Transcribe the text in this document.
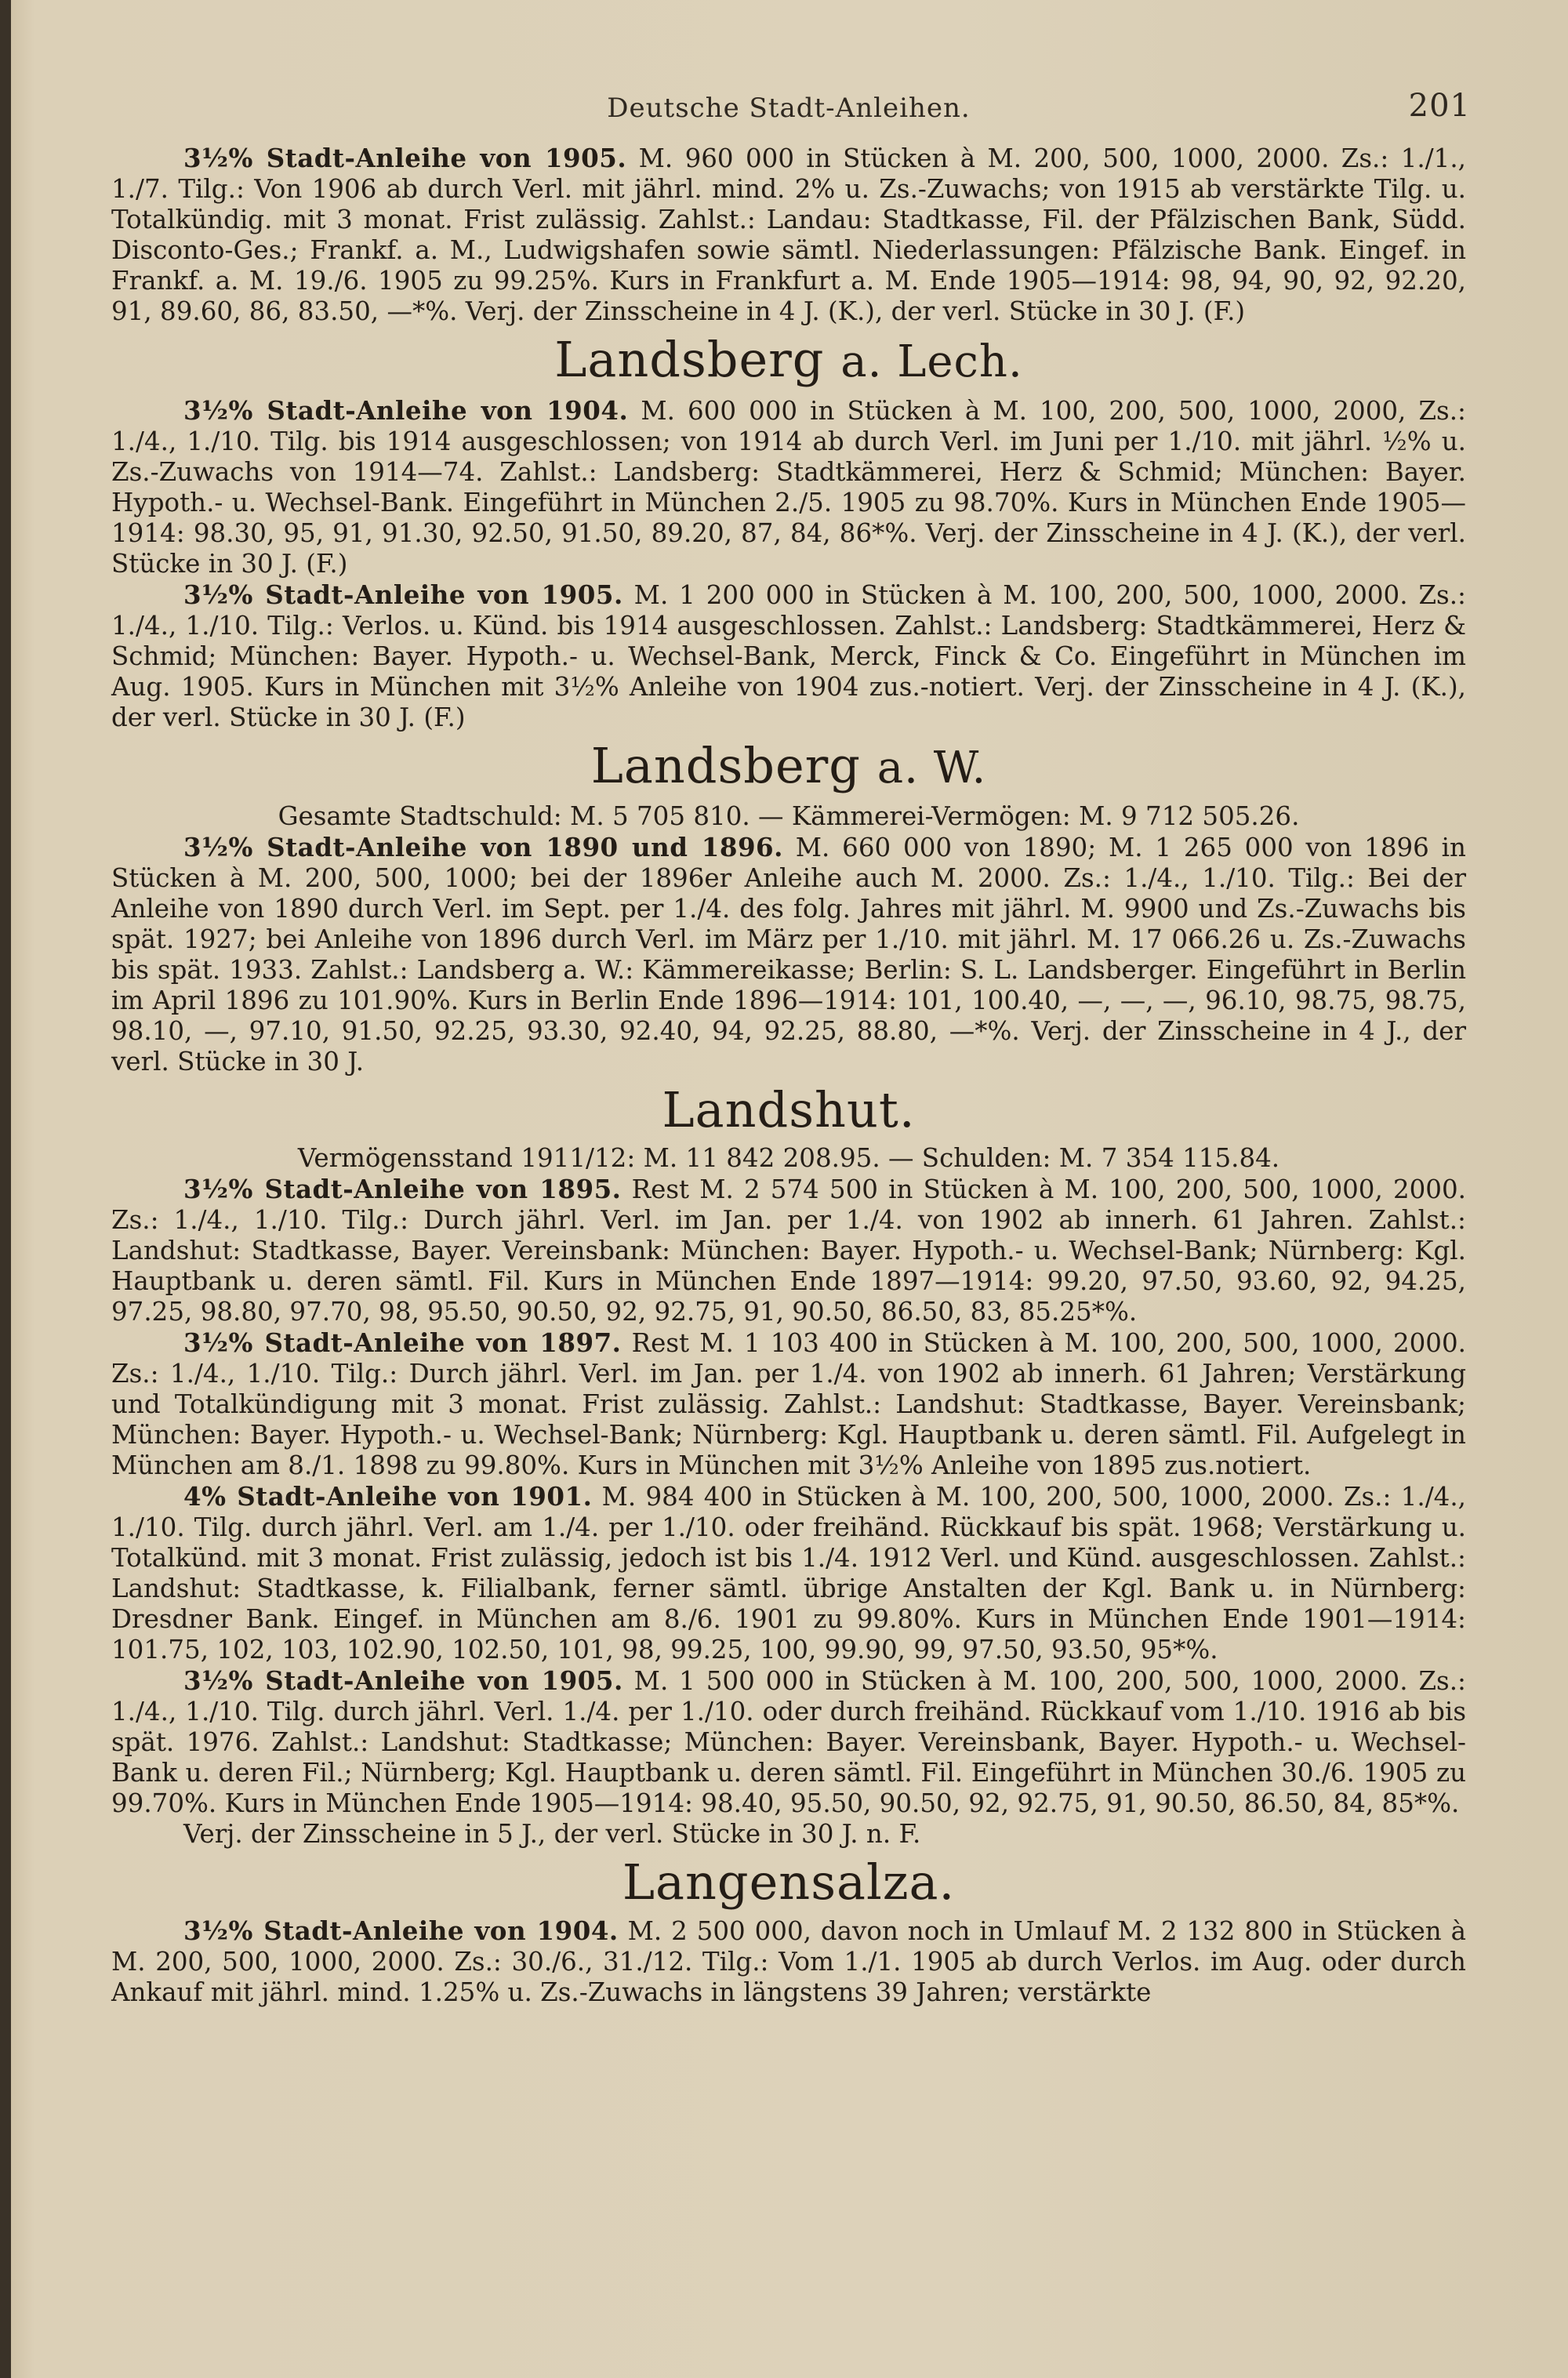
Deutsche Stadt-Anleihen.	201

3½% Stadt-Anleihe von 1905. M. 960 000 in Stücken à M. 200, 500, 1000, 2000. Zs.: 1./1., 1./7. Tilg.: Von 1906 ab durch Verl. mit jährl. mind. 2% u. Zs.-Zuwachs; von 1915 ab verstärkte Tilg. u. Totalkündig. mit 3 monat. Frist zulässig. Zahlst.: Landau: Stadtkasse, Fil. der Pfälzischen Bank, Südd. Disconto-Ges.; Frankf. a. M., Ludwigshafen sowie sämtl. Niederlassungen: Pfälzische Bank. Eingef. in Frankf. a. M. 19./6. 1905 zu 99.25%. Kurs in Frankfurt a. M. Ende 1905—1914: 98, 94, 90, 92, 92.20, 91, 89.60, 86, 83.50, —*%. Verj. der Zinsscheine in 4 J. (K.), der verl. Stücke in 30 J. (F.)

Landsberg a. Lech.

3½% Stadt-Anleihe von 1904. M. 600 000 in Stücken à M. 100, 200, 500, 1000, 2000, Zs.: 1./4., 1./10. Tilg. bis 1914 ausgeschlossen; von 1914 ab durch Verl. im Juni per 1./10. mit jährl. ½% u. Zs.-Zuwachs von 1914—74. Zahlst.: Landsberg: Stadtkämmerei, Herz & Schmid; München: Bayer. Hypoth.- u. Wechsel-Bank. Eingeführt in München 2./5. 1905 zu 98.70%. Kurs in München Ende 1905—1914: 98.30, 95, 91, 91.30, 92.50, 91.50, 89.20, 87, 84, 86*%. Verj. der Zinsscheine in 4 J. (K.), der verl. Stücke in 30 J. (F.)

3½% Stadt-Anleihe von 1905. M. 1 200 000 in Stücken à M. 100, 200, 500, 1000, 2000. Zs.: 1./4., 1./10. Tilg.: Verlos. u. Künd. bis 1914 ausgeschlossen. Zahlst.: Landsberg: Stadtkämmerei, Herz & Schmid; München: Bayer. Hypoth.- u. Wechsel-Bank, Merck, Finck & Co. Eingeführt in München im Aug. 1905. Kurs in München mit 3½% Anleihe von 1904 zus.-notiert. Verj. der Zinsscheine in 4 J. (K.), der verl. Stücke in 30 J. (F.)

Landsberg a. W.

Gesamte Stadtschuld: M. 5 705 810. — Kämmerei-Vermögen: M. 9 712 505.26.

3½% Stadt-Anleihe von 1890 und 1896. M. 660 000 von 1890; M. 1 265 000 von 1896 in Stücken à M. 200, 500, 1000; bei der 1896er Anleihe auch M. 2000. Zs.: 1./4., 1./10. Tilg.: Bei der Anleihe von 1890 durch Verl. im Sept. per 1./4. des folg. Jahres mit jährl. M. 9900 und Zs.-Zuwachs bis spät. 1927; bei Anleihe von 1896 durch Verl. im März per 1./10. mit jährl. M. 17 066.26 u. Zs.-Zuwachs bis spät. 1933. Zahlst.: Landsberg a. W.: Kämmereikasse; Berlin: S. L. Landsberger. Eingeführt in Berlin im April 1896 zu 101.90%. Kurs in Berlin Ende 1896—1914: 101, 100.40, —, —, —, 96.10, 98.75, 98.75, 98.10, —, 97.10, 91.50, 92.25, 93.30, 92.40, 94, 92.25, 88.80, —*%. Verj. der Zinsscheine in 4 J., der verl. Stücke in 30 J.

Landshut.

Vermögensstand 1911/12: M. 11 842 208.95. — Schulden: M. 7 354 115.84.

3½% Stadt-Anleihe von 1895. Rest M. 2 574 500 in Stücken à M. 100, 200, 500, 1000, 2000. Zs.: 1./4., 1./10. Tilg.: Durch jährl. Verl. im Jan. per 1./4. von 1902 ab innerh. 61 Jahren. Zahlst.: Landshut: Stadtkasse, Bayer. Vereinsbank: München: Bayer. Hypoth.- u. Wechsel-Bank; Nürnberg: Kgl. Hauptbank u. deren sämtl. Fil. Kurs in München Ende 1897—1914: 99.20, 97.50, 93.60, 92, 94.25, 97.25, 98.80, 97.70, 98, 95.50, 90.50, 92, 92.75, 91, 90.50, 86.50, 83, 85.25*%.

3½% Stadt-Anleihe von 1897. Rest M. 1 103 400 in Stücken à M. 100, 200, 500, 1000, 2000. Zs.: 1./4., 1./10. Tilg.: Durch jährl. Verl. im Jan. per 1./4. von 1902 ab innerh. 61 Jahren; Verstärkung und Totalkündigung mit 3 monat. Frist zulässig. Zahlst.: Landshut: Stadtkasse, Bayer. Vereinsbank; München: Bayer. Hypoth.- u. Wechsel-Bank; Nürnberg: Kgl. Hauptbank u. deren sämtl. Fil. Aufgelegt in München am 8./1. 1898 zu 99.80%. Kurs in München mit 3½% Anleihe von 1895 zus.notiert.

4% Stadt-Anleihe von 1901. M. 984 400 in Stücken à M. 100, 200, 500, 1000, 2000. Zs.: 1./4., 1./10. Tilg. durch jährl. Verl. am 1./4. per 1./10. oder freihänd. Rückkauf bis spät. 1968; Verstärkung u. Totalkünd. mit 3 monat. Frist zulässig, jedoch ist bis 1./4. 1912 Verl. und Künd. ausgeschlossen. Zahlst.: Landshut: Stadtkasse, k. Filialbank, ferner sämtl. übrige Anstalten der Kgl. Bank u. in Nürnberg: Dresdner Bank. Eingef. in München am 8./6. 1901 zu 99.80%. Kurs in München Ende 1901—1914: 101.75, 102, 103, 102.90, 102.50, 101, 98, 99.25, 100, 99.90, 99, 97.50, 93.50, 95*%.

3½% Stadt-Anleihe von 1905. M. 1 500 000 in Stücken à M. 100, 200, 500, 1000, 2000. Zs.: 1./4., 1./10. Tilg. durch jährl. Verl. 1./4. per 1./10. oder durch freihänd. Rückkauf vom 1./10. 1916 ab bis spät. 1976. Zahlst.: Landshut: Stadtkasse; München: Bayer. Vereinsbank, Bayer. Hypoth.- u. Wechsel-Bank u. deren Fil.; Nürnberg; Kgl. Hauptbank u. deren sämtl. Fil. Eingeführt in München 30./6. 1905 zu 99.70%. Kurs in München Ende 1905—1914: 98.40, 95.50, 90.50, 92, 92.75, 91, 90.50, 86.50, 84, 85*%.

Verj. der Zinsscheine in 5 J., der verl. Stücke in 30 J. n. F.

Langensalza.

3½% Stadt-Anleihe von 1904. M. 2 500 000, davon noch in Umlauf M. 2 132 800 in Stücken à M. 200, 500, 1000, 2000. Zs.: 30./6., 31./12. Tilg.: Vom 1./1. 1905 ab durch Verlos. im Aug. oder durch Ankauf mit jährl. mind. 1.25% u. Zs.-Zuwachs in längstens 39 Jahren; verstärkte
